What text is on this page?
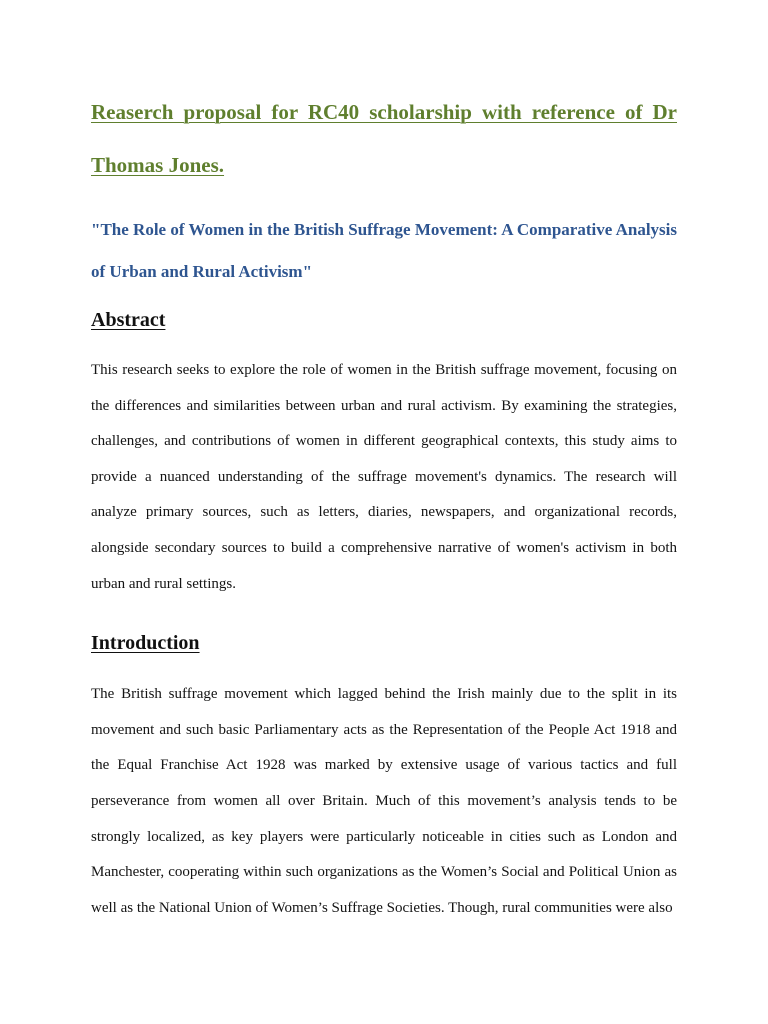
Reaserch proposal for RC40 scholarship with reference of Dr Thomas Jones.
"The Role of Women in the British Suffrage Movement: A Comparative Analysis of Urban and Rural Activism"
Abstract

This research seeks to explore the role of women in the British suffrage movement, focusing on the differences and similarities between urban and rural activism. By examining the strategies, challenges, and contributions of women in different geographical contexts, this study aims to provide a nuanced understanding of the suffrage movement's dynamics. The research will analyze primary sources, such as letters, diaries, newspapers, and organizational records, alongside secondary sources to build a comprehensive narrative of women's activism in both urban and rural settings.

Introduction

The British suffrage movement which lagged behind the Irish mainly due to the split in its movement and such basic Parliamentary acts as the Representation of the People Act 1918 and the Equal Franchise Act 1928 was marked by extensive usage of various tactics and full perseverance from women all over Britain. Much of this movement’s analysis tends to be strongly localized, as key players were particularly noticeable in cities such as London and Manchester, cooperating within such organizations as the Women’s Social and Political Union as well as the National Union of Women’s Suffrage Societies. Though, rural communities were also
